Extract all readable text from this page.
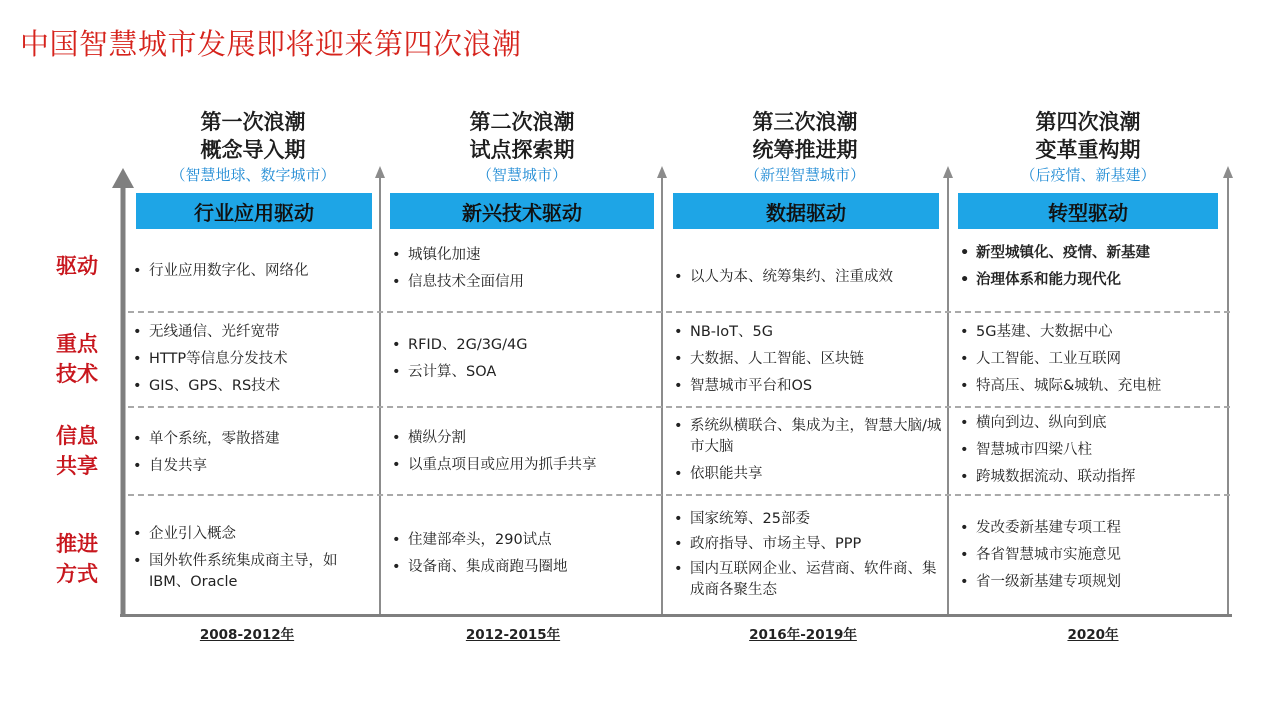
中国智慧城市发展即将迎来第四次浪潮
驱动
重点
技术
信息
共享
推进
方式
第一次浪潮
概念导入期
（智慧地球、数字城市）
行业应用驱动
• 行业应用数字化、网络化
• 无线通信、光纤宽带
• HTTP等信息分发技术
• GIS、GPS、RS技术
• 单个系统，零散搭建
• 自发共享
• 企业引入概念
• 国外软件系统集成商主导，如IBM、Oracle
2008-2012年
第二次浪潮
试点探索期
（智慧城市）
新兴技术驱动
• 城镇化加速
• 信息技术全面信用
• RFID、2G/3G/4G
• 云计算、SOA
• 横纵分割
• 以重点项目或应用为抓手共享
• 住建部牵头，290试点
• 设备商、集成商跑马圈地
2012-2015年
第三次浪潮
统筹推进期
（新型智慧城市）
数据驱动
• 以人为本、统筹集约、注重成效
• NB-IoT、5G
• 大数据、人工智能、区块链
• 智慧城市平台和OS
• 系统纵横联合、集成为主，智慧大脑/城市大脑
• 依职能共享
• 国家统筹、25部委
• 政府指导、市场主导、PPP
• 国内互联网企业、运营商、软件商、集成商各聚生态
2016年-2019年
第四次浪潮
变革重构期
（后疫情、新基建）
转型驱动
• 新型城镇化、疫情、新基建
• 治理体系和能力现代化
• 5G基建、大数据中心
• 人工智能、工业互联网
• 特高压、城际&城轨、充电桩
• 横向到边、纵向到底
• 智慧城市四梁八柱
• 跨城数据流动、联动指挥
• 发改委新基建专项工程
• 各省智慧城市实施意见
• 省一级新基建专项规划
2020年
